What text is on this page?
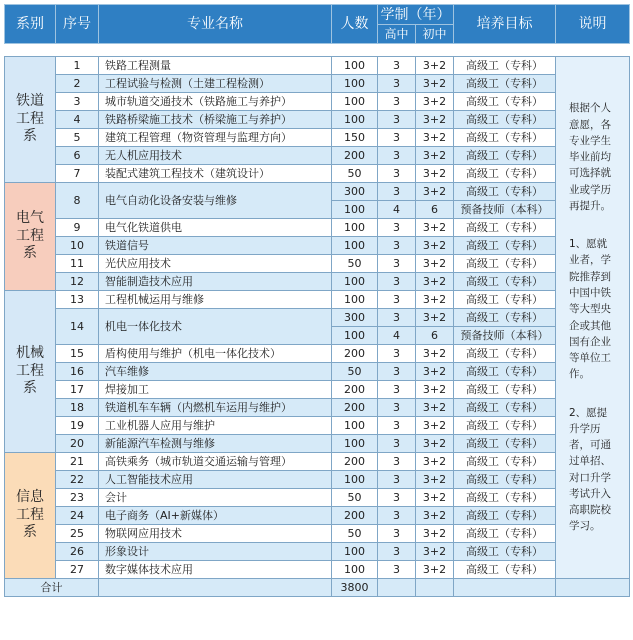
系别	序号	专业名称	人数	学制（年）		培养目标	说明
				高中	初中		

铁道工程系	1	铁路工程测量	100	3	3+2	高级工（专科）	根据个人意愿，各专业学生毕业前均可选择就业或学历再提升。
1、愿就业者，学院推荐到中国中铁等大型央企或其他国有企业等单位工作。
2、愿提升学历者，可通过单招、对口升学考试升入高职院校学习。

	2	工程试验与检测（土建工程检测）	100	3	3+2	高级工（专科）	
	3	城市轨道交通技术（铁路施工与养护）	100	3	3+2	高级工（专科）	
	4	铁路桥梁施工技术（桥梁施工与养护）	100	3	3+2	高级工（专科）	
	5	建筑工程管理（物资管理与监理方向）	150	3	3+2	高级工（专科）	
	6	无人机应用技术	200	3	3+2	高级工（专科）	
	7	装配式建筑工程技术（建筑设计）	50	3	3+2	高级工（专科）	
电气工程系	8	电气自动化设备安装与维修	300	3	3+2	高级工（专科）	
			100	4	6	预备技师（本科）	
	9	电气化铁道供电	100	3	3+2	高级工（专科）	
	10	铁道信号	100	3	3+2	高级工（专科）	
	11	光伏应用技术	50	3	3+2	高级工（专科）	
	12	智能制造技术应用	100	3	3+2	高级工（专科）	
机械工程系	13	工程机械运用与维修	100	3	3+2	高级工（专科）	
	14	机电一体化技术	300	3	3+2	高级工（专科）	
			100	4	6	预备技师（本科）	
	15	盾构使用与维护（机电一体化技术）	200	3	3+2	高级工（专科）	
	16	汽车维修	50	3	3+2	高级工（专科）	
	17	焊接加工	200	3	3+2	高级工（专科）	
	18	铁道机车车辆（内燃机车运用与维护）	200	3	3+2	高级工（专科）	
	19	工业机器人应用与维护	100	3	3+2	高级工（专科）	
	20	新能源汽车检测与维修	100	3	3+2	高级工（专科）	
信息工程系	21	高铁乘务（城市轨道交通运输与管理）	200	3	3+2	高级工（专科）	
	22	人工智能技术应用	100	3	3+2	高级工（专科）	
	23	会计	50	3	3+2	高级工（专科）	
	24	电子商务（AI+新媒体）	200	3	3+2	高级工（专科）	
	25	物联网应用技术	50	3	3+2	高级工（专科）	
	26	形象设计	100	3	3+2	高级工（专科）	
	27	数字媒体技术应用	100	3	3+2	高级工（专科）	
合计			3800				
